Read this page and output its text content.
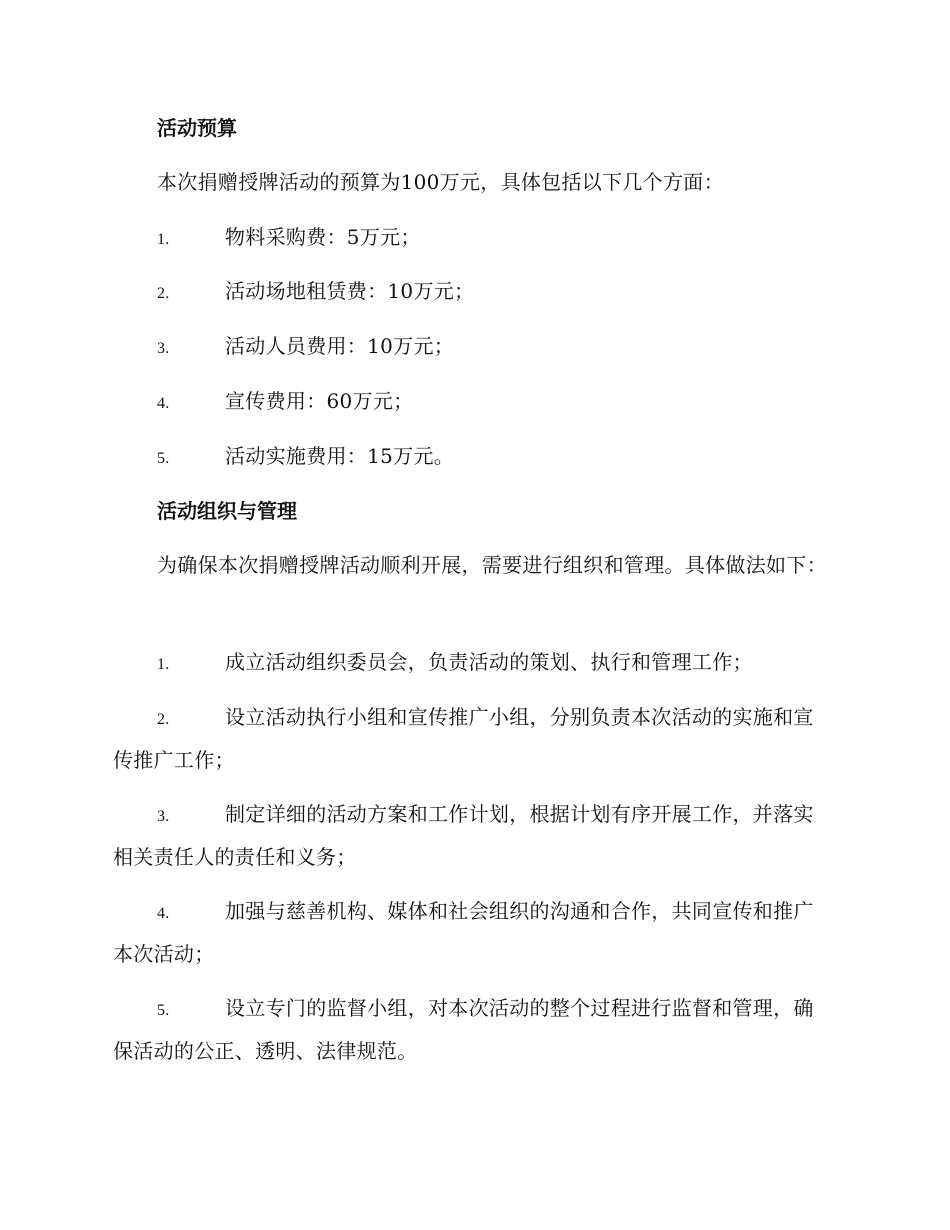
活动预算
本次捐赠授牌活动的预算为100万元，具体包括以下几个方面：
1.	物料采购费：5万元；
2.	活动场地租赁费：10万元；
3.	活动人员费用：10万元；
4.	宣传费用：60万元；
5.	活动实施费用：15万元。
活动组织与管理
为确保本次捐赠授牌活动顺利开展，需要进行组织和管理。具体做法如下：
1.	成立活动组织委员会，负责活动的策划、执行和管理工作；
2.	设立活动执行小组和宣传推广小组，分别负责本次活动的实施和宣传推广工作；
3.	制定详细的活动方案和工作计划，根据计划有序开展工作，并落实相关责任人的责任和义务；
4.	加强与慈善机构、媒体和社会组织的沟通和合作，共同宣传和推广本次活动；
5.	设立专门的监督小组，对本次活动的整个过程进行监督和管理，确保活动的公正、透明、法律规范。
